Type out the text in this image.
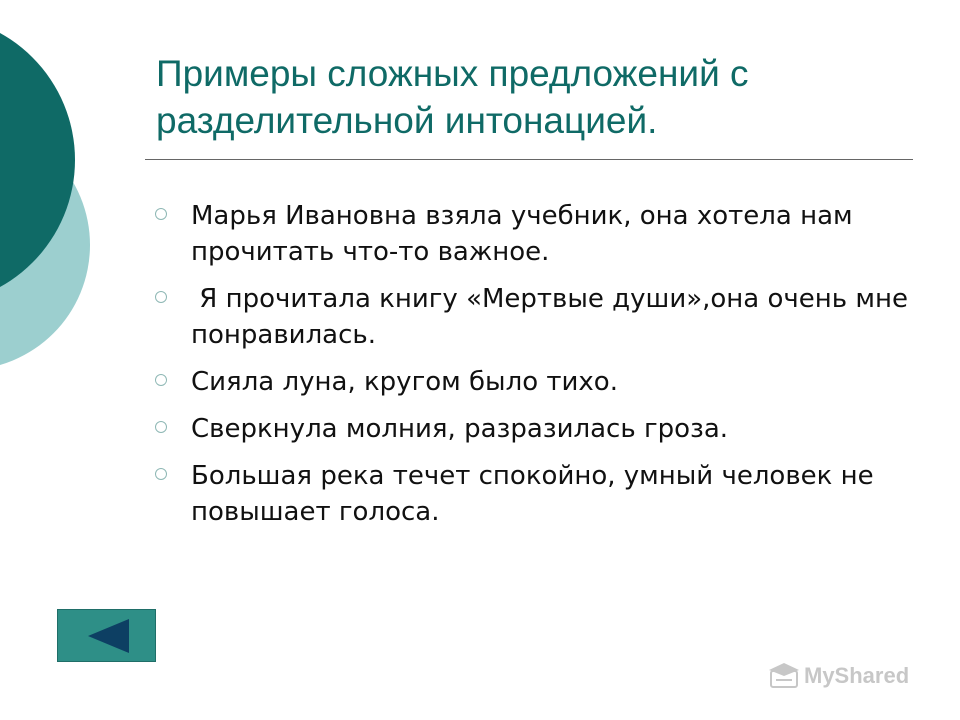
Примеры сложных предложений с разделительной интонацией.
Марья Ивановна взяла учебник, она хотела нам прочитать что-то важное.
Я прочитала книгу «Мертвые души»,она очень мне понравилась.
Сияла луна, кругом было тихо.
Сверкнула молния, разразилась гроза.
Большая река течет спокойно, умный человек не повышает голоса.
MyShared
